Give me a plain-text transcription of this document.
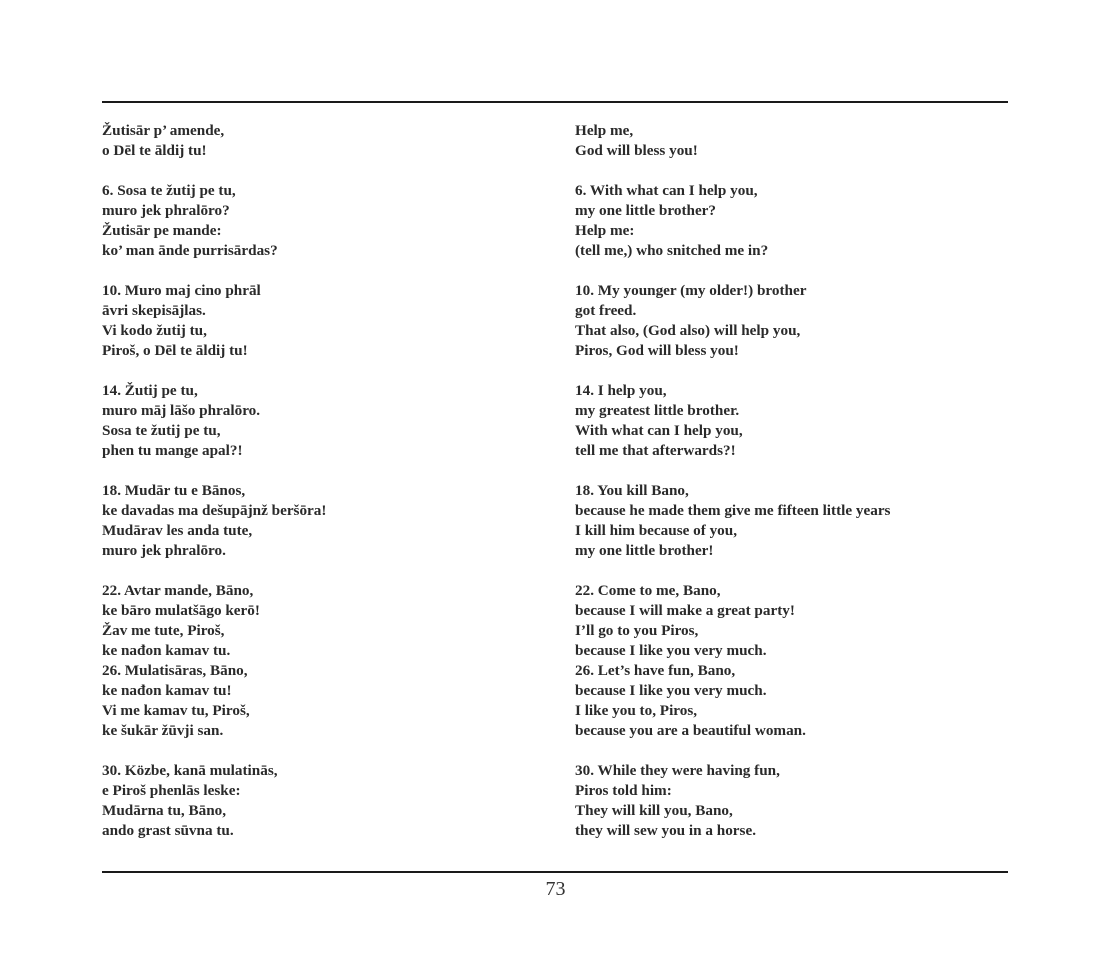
Žutisār p’ amende,
o Dēl te āldij tu!
6. Sosa te žutij pe tu,
muro jek phralōro?
Žutisār pe mande:
ko’ man ānde purrisārdas?
10. Muro maj cino phrāl
āvri skepisājlas.
Vi kodo žutij tu,
Piroš, o Dēl te āldij tu!
14. Žutij pe tu,
muro māj lāšo phralōro.
Sosa te žutij pe tu,
phen tu mange apal?!
18. Mudār tu e Bānos,
ke davadas ma dešupājnž beršōra!
Mudārav les anda tute,
muro jek phralōro.
22. Avtar mande, Bāno,
ke bāro mulatšāgo kerō!
Žav me tute, Piroš,
ke nađon kamav tu.
26. Mulatisāras, Bāno,
ke nađon kamav tu!
Vi me kamav tu, Piroš,
ke šukār žūvji san.
30. Közbe, kanā mulatinās,
e Piroš phenlās leske:
Mudārna tu, Bāno,
ando grast sūvna tu.
Help me,
God will bless you!
6. With what can I help you,
my one little brother?
Help me:
(tell me,) who snitched me in?
10. My younger (my older!) brother
got freed.
That also, (God also) will help you,
Piros, God will bless you!
14. I help you,
my greatest little brother.
With what can I help you,
tell me that afterwards?!
18. You kill Bano,
because he made them give me fifteen little years
I kill him because of you,
my one little brother!
22. Come to me, Bano,
because I will make a great party!
I’ll go to you Piros,
because I like you very much.
26. Let’s have fun, Bano,
because I like you very much.
I like you to, Piros,
because you are a beautiful woman.
30. While they were having fun,
Piros told him:
They will kill you, Bano,
they will sew you in a horse.
73
